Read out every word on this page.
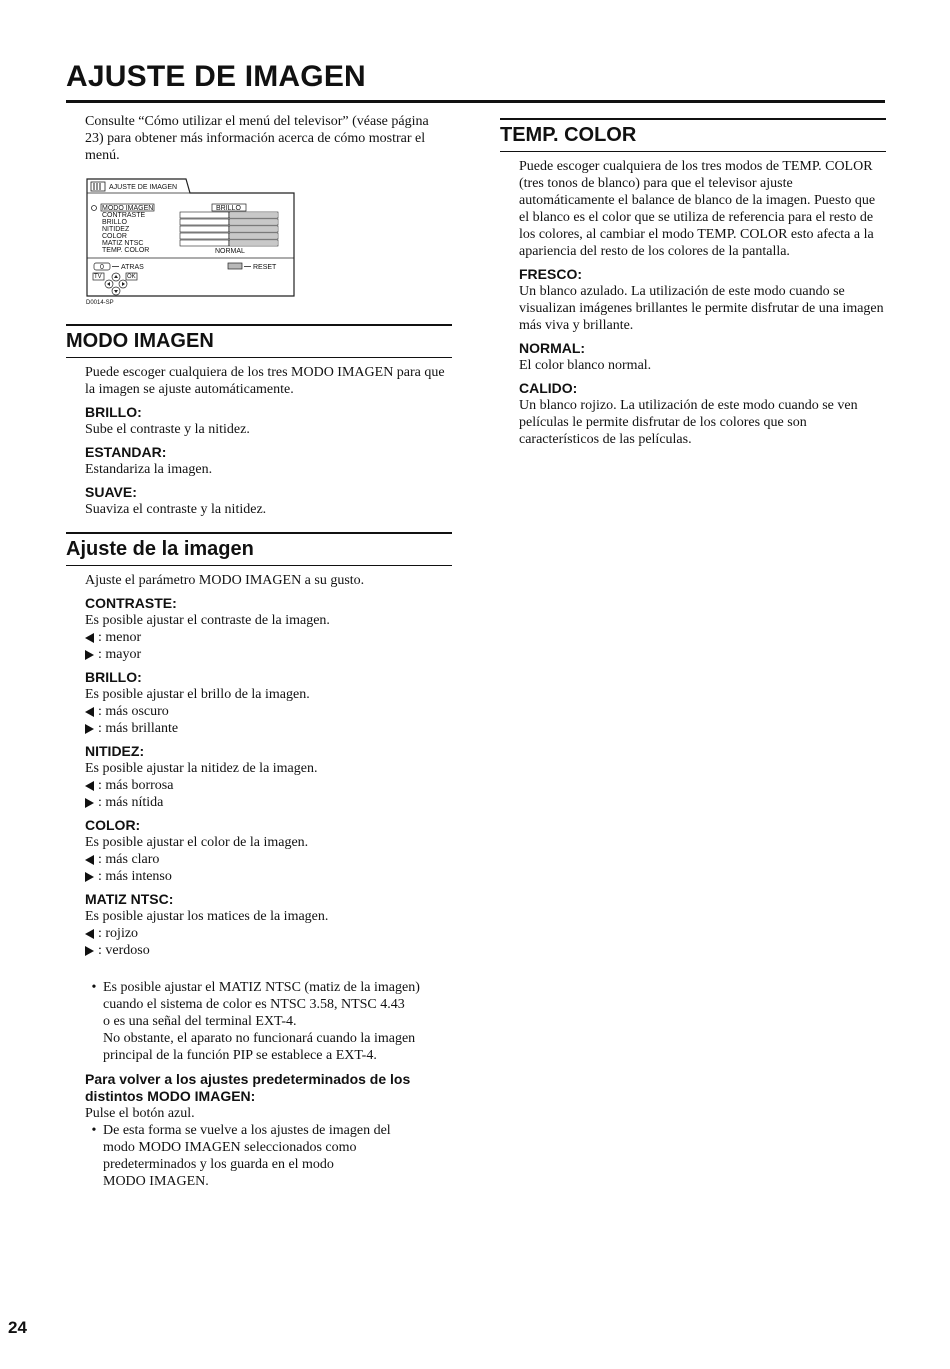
AJUSTE DE IMAGEN
Consulte “Cómo utilizar el menú del televisor” (véase página 23) para obtener más información acerca de cómo mostrar el menú.
AJUSTE DE IMAGEN
MODO IMAGEN
CONTRASTE
BRILLO
NITIDEZ
COLOR
MATIZ NTSC
TEMP. COLOR
BRILLO
NORMAL
0 ATRAS
TV	OK
RESET
D0014-SP
MODO IMAGEN
Puede escoger cualquiera de los tres MODO IMAGEN para que la imagen se ajuste automáticamente.
BRILLO:
Sube el contraste y la nitidez.
ESTANDAR:
Estandariza la imagen.
SUAVE:
Suaviza el contraste y la nitidez.
Ajuste de la imagen
Ajuste el parámetro MODO IMAGEN a su gusto.
CONTRASTE:
Es posible ajustar el contraste de la imagen.
: menor
: mayor
BRILLO:
Es posible ajustar el brillo de la imagen.
: más oscuro
: más brillante
NITIDEZ:
Es posible ajustar la nitidez de la imagen.
: más borrosa
: más nítida
COLOR:
Es posible ajustar el color de la imagen.
: más claro
: más intenso
MATIZ NTSC:
Es posible ajustar los matices de la imagen.
: rojizo
: verdoso
• Es posible ajustar el MATIZ NTSC (matiz de la imagen)
cuando el sistema de color es NTSC 3.58, NTSC 4.43
o es una señal del terminal EXT-4.
No obstante, el aparato no funcionará cuando la imagen
principal de la función PIP se establece a EXT-4.
Para volver a los ajustes predeterminados de los
distintos MODO IMAGEN:
Pulse el botón azul.
• De esta forma se vuelve a los ajustes de imagen del
modo MODO IMAGEN seleccionados como
predeterminados y los guarda en el modo
MODO IMAGEN.
TEMP. COLOR
Puede escoger cualquiera de los tres modos de TEMP. COLOR (tres tonos de blanco) para que el televisor ajuste automáticamente el balance de blanco de la imagen. Puesto que el blanco es el color que se utiliza de referencia para el resto de los colores, al cambiar el modo TEMP. COLOR esto afecta a la apariencia del resto de los colores de la pantalla.
FRESCO:
Un blanco azulado. La utilización de este modo cuando se visualizan imágenes brillantes le permite disfrutar de una imagen más viva y brillante.
NORMAL:
El color blanco normal.
CALIDO:
Un blanco rojizo. La utilización de este modo cuando se ven películas le permite disfrutar de los colores que son característicos de las películas.
24
